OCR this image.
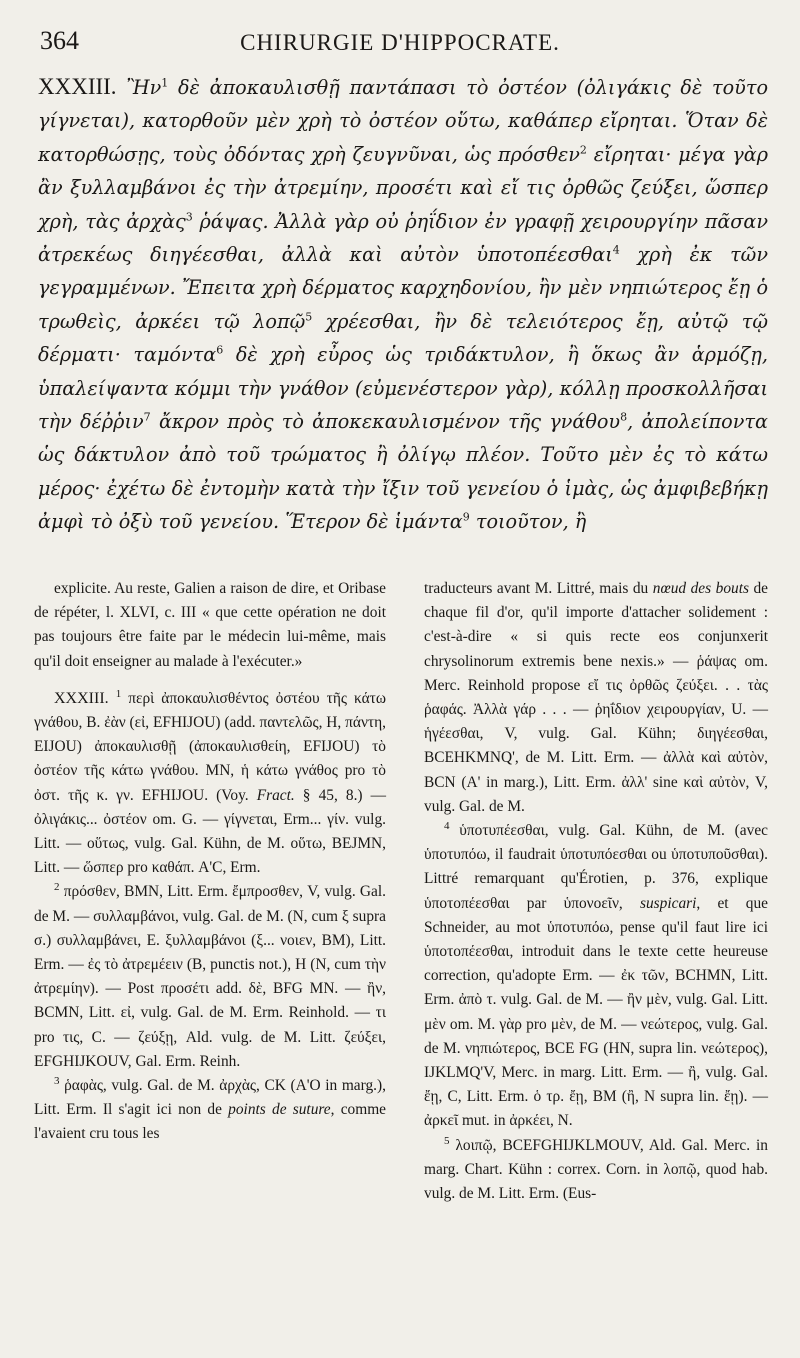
364	CHIRURGIE D'HIPPOCRATE.
XXXIII. Ἢν$^1$ δὲ ἀποκαυλισθῇ παντάπασι τὸ ὀστέον (ὀλιγάκις δὲ τοῦτο γίγνεται), κατορθοῦν μὲν χρὴ τὸ ὀστέον οὕτω, καθάπερ εἴρηται. Ὅταν δὲ κατορθώσῃς, τοὺς ὀδόντας χρὴ ζευγνῦναι, ὡς πρόσθεν$^2$ εἴρηται· μέγα γὰρ ἂν ξυλλαμβάνοι ἐς τὴν ἀτρεμίην, προσέτι καὶ εἴ τις ὀρθῶς ζεύξει, ὥσπερ χρὴ, τὰς ἀρχὰς$^3$ ῥάψας. Ἀλλὰ γὰρ οὐ ῥηΐδιον ἐν γραφῇ χειρουργίην πᾶσαν ἀτρεκέως διηγέεσθαι, ἀλλὰ καὶ αὐτὸν ὑποτοπέεσθαι$^4$ χρὴ ἐκ τῶν γεγραμμένων. Ἔπειτα χρὴ δέρματος καρχηδονίου, ἢν μὲν νηπιώτερος ἔῃ ὁ τρωθεὶς, ἀρκέει τῷ λοπῷ$^5$ χρέεσθαι, ἢν δὲ τελειότερος ἔῃ, αὐτῷ τῷ δέρματι· ταμόντα$^6$ δὲ χρὴ εὖρος ὡς τριδάκτυλον, ἢ ὅκως ἂν ἁρμόζῃ, ὑπαλείψαντα κόμμι τὴν γνάθον (εὐμενέστερον γὰρ), κόλλῃ προσκολλῆσαι τὴν δέῤῥιν$^7$ ἄκρον πρὸς τὸ ἀποκεκαυλισμένον τῆς γνάθου$^8$, ἀπολείποντα ὡς δάκτυλον ἀπὸ τοῦ τρώματος ἢ ὀλίγῳ πλέον. Τοῦτο μὲν ἐς τὸ κάτω μέρος· ἐχέτω δὲ ἐντομὴν κατὰ τὴν ἴξιν τοῦ γενείου ὁ ἱμὰς, ὡς ἀμφιβεβήκῃ ἀμφὶ τὸ ὀξὺ τοῦ γενείου. Ἕτερον δὲ ἱμάντα$^9$ τοιοῦτον, ἢ

explicite. Au reste, Galien a raison de dire, et Oribase de répéter, l. XLVI, c. III « que cette opération ne doit pas toujours être faite par le médecin lui-même, mais qu'il doit enseigner au malade à l'exécuter.»

XXXIII. $^1$ περὶ ἀποκαυλισθέντος ὀστέου τῆς κάτω γνάθου, B. ἐὰν (εἰ, EFHIJOU) (add. παντελῶς, H, πάντη, EIJOU) ἀποκαυλισθῇ (ἀποκαυλισθείη, EFIJOU) τὸ ὀστέον τῆς κάτω γνάθου. MN, ἡ κάτω γνάθος pro τὸ ὀστ. τῆς κ. γν. EFHIJOU. (Voy. Fract. § 45, 8.) — ὀλιγάκις... ὀστέον om. G. — γίγνεται, Erm... γίν. vulg. Litt. — οὕτως, vulg. Gal. Kühn, de M. οὕτω, BEJMN, Litt. — ὥσπερ pro καθάπ. A'C, Erm.

$^2$ πρόσθεν, BMN, Litt. Erm. ἔμπροσθεν, V, vulg. Gal. de M. — συλλαμβάνοι, vulg. Gal. de M. (N, cum ξ supra σ.) συλλαμβάνει, E. ξυλλαμβάνοι (ξ... νοιεν, BM), Litt. Erm. — ἐς τὸ ἀτρεμέειν (B, punctis not.), H (N, cum τὴν ἀτρεμίην). — Post προσέτι add. δὲ, BFG MN. — ἢν, BCMN, Litt. εἰ, vulg. Gal. de M. Erm. Reinhold. — τι pro τις, C. — ζεύξῃ, Ald. vulg. de M. Litt. ζεύξει, EFGHIJKOUV, Gal. Erm. Reinh.

$^3$ ῥαφὰς, vulg. Gal. de M. ἀρχὰς, CK (A'O in marg.), Litt. Erm. Il s'agit ici non de points de suture, comme l'avaient cru tous les

traducteurs avant M. Littré, mais du nœud des bouts de chaque fil d'or, qu'il importe d'attacher solidement : c'est-à-dire « si quis recte eos conjunxerit chrysolinorum extremis bene nexis.» — ῥάψας om. Merc. Reinhold propose εἴ τις ὀρθῶς ζεύξει. . . τὰς ῥαφάς. Ἀλλὰ γάρ . . . — ῥηΐδιον χειρουργίαν, U. — ἡγέεσθαι, V, vulg. Gal. Kühn; διηγέεσθαι, BCEHKMNQ', de M. Litt. Erm. — ἀλλὰ καὶ αὐτὸν, BCN (A' in marg.), Litt. Erm. ἀλλ' sine καὶ αὐτὸν, V, vulg. Gal. de M.

$^4$ ὑποτυπέεσθαι, vulg. Gal. Kühn, de M. (avec ὑποτυπόω, il faudrait ὑποτυπόεσθαι ou ὑποτυποῦσθαι). Littré remarquant qu'Érotien, p. 376, explique ὑποτοπέεσθαι par ὑπονοεῖν, suspicari, et que Schneider, au mot ὑποτυπόω, pense qu'il faut lire ici ὑποτοπέεσθαι, introduit dans le texte cette heureuse correction, qu'adopte Erm. — ἐκ τῶν, BCHMN, Litt. Erm. ἀπὸ τ. vulg. Gal. de M. — ἢν μὲν, vulg. Gal. Litt. μὲν om. M. γὰρ pro μὲν, de M. — νεώτερος, vulg. Gal. de M. νηπιώτερος, BCE FG (HN, supra lin. νεώτερος), IJKLMQ'V, Merc. in marg. Litt. Erm. — ἢ, vulg. Gal. ἔῃ, C, Litt. Erm. ὁ τρ. ἔῃ, BM (ἢ, N supra lin. ἔῃ). — ἀρκεῖ mut. in ἀρκέει, N.

$^5$ λοιπῷ, BCEFGHIJKLMOUV, Ald. Gal. Merc. in marg. Chart. Kühn : correx. Corn. in λοπῷ, quod hab. vulg. de M. Litt. Erm. (Eus-
